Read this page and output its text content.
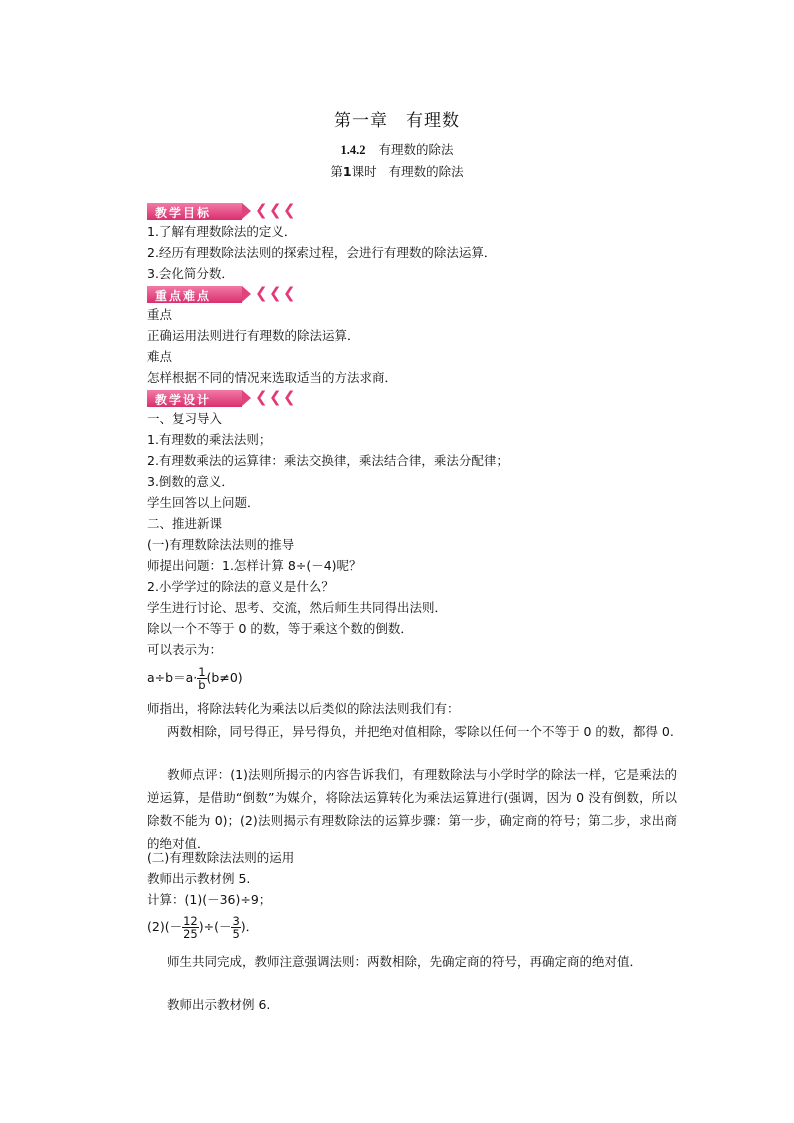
第一章 有理数
1.4.2 有理数的除法
第1课时 有理数的除法
教学目标	❮ ❮ ❮
1.了解有理数除法的定义．
2.经历有理数除法法则的探索过程，会进行有理数的除法运算．
3.会化简分数．
重点难点	❮ ❮ ❮
重点
正确运用法则进行有理数的除法运算．
难点
怎样根据不同的情况来选取适当的方法求商．
教学设计	❮ ❮ ❮
一、复习导入
1.有理数的乘法法则；
2.有理数乘法的运算律：乘法交换律，乘法结合律，乘法分配律；
3.倒数的意义．
学生回答以上问题．
二、推进新课
(一)有理数除法法则的推导
师提出问题：1.怎样计算 8÷(－4)呢？
2.小学学过的除法的意义是什么？
学生进行讨论、思考、交流，然后师生共同得出法则．
除以一个不等于 0 的数，等于乘这个数的倒数．
可以表示为：
$a\div b=a\cdot \frac{1}{b} (b\ne 0)$
师指出，将除法转化为乘法以后类似的除法法则我们有：
两数相除，同号得正，异号得负，并把绝对值相除，零除以任何一个不等于 0 的数，都得 0.
教师点评：(1)法则所揭示的内容告诉我们，有理数除法与小学时学的除法一样，它是乘法的逆运算，是借助“倒数”为媒介，将除法运算转化为乘法运算进行(强调，因为 0 没有倒数，所以除数不能为 0)；(2)法则揭示有理数除法的运算步骤：第一步，确定商的符号；第二步，求出商的绝对值．
(二)有理数除法法则的运用
教师出示教材例 5.
计算：(1)(－36)÷9；
$(2)(- \frac{12}{25}$ )÷(－ $\frac{3}{5}$ )．
师生共同完成，教师注意强调法则：两数相除，先确定商的符号，再确定商的绝对值．
教师出示教材例 6.
